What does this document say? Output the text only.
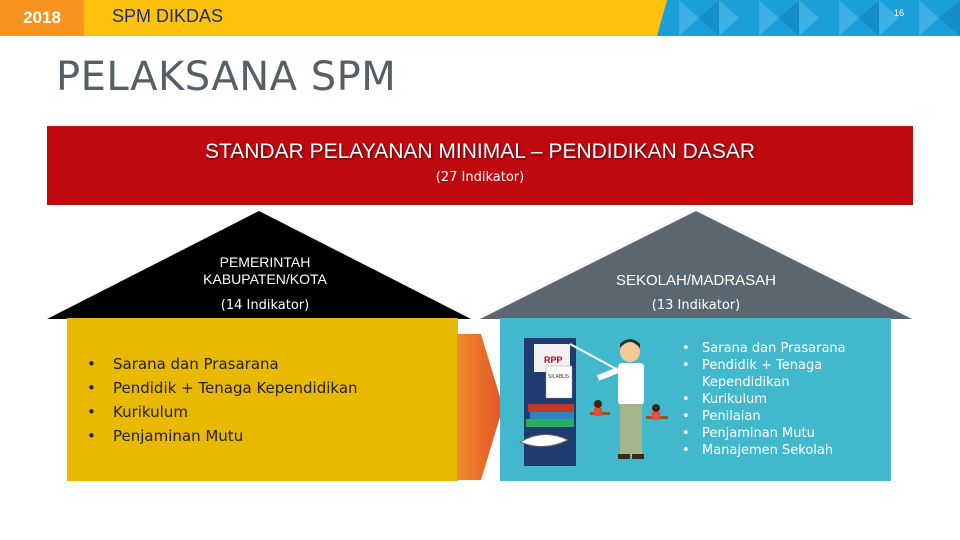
2018	SPM DIKDAS	16
PELAKSANA SPM
STANDAR PELAYANAN MINIMAL – PENDIDIKAN DASAR
(27 Indikator)
PEMERINTAH
KABUPATEN/KOTA
(14 Indikator)
SEKOLAH/MADRASAH
(13 Indikator)
• Sarana dan Prasarana
• Pendidik + Tenaga Kependidikan
• Kurikulum
• Penjaminan Mutu
• Sarana dan Prasarana
• Pendidik + Tenaga Kependidikan
• Kurikulum
• Penilaian
• Penjaminan Mutu
• Manajemen Sekolah
RPP
SILABUS
